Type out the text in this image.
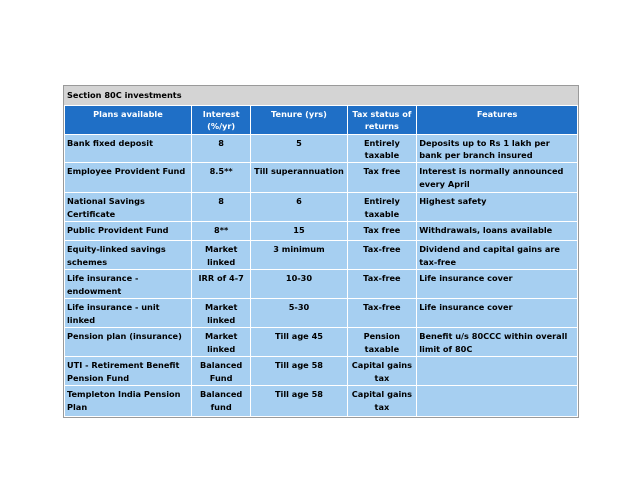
Section 80C investments
Plans available	Interest (%/yr)	Tenure (yrs)	Tax status of returns	Features
Bank fixed deposit	8	5	Entirely taxable	Deposits up to Rs 1 lakh per bank per branch insured
Employee Provident Fund	8.5**	Till superannuation	Tax free	Interest is normally announced every April
National Savings Certificate	8	6	Entirely taxable	Highest safety
Public Provident Fund	8**	15	Tax free	Withdrawals, loans available
Equity-linked savings schemes	Market linked	3 minimum	Tax-free	Dividend and capital gains are tax-free
Life insurance - endowment	IRR of 4-7	10-30	Tax-free	Life insurance cover
Life insurance - unit linked	Market linked	5-30	Tax-free	Life insurance cover
Pension plan (insurance)	Market linked	Till age 45	Pension taxable	Benefit u/s 80CCC within overall limit of 80C
UTI - Retirement Benefit Pension Fund	Balanced Fund	Till age 58	Capital gains tax	
Templeton India Pension Plan	Balanced fund	Till age 58	Capital gains tax	
